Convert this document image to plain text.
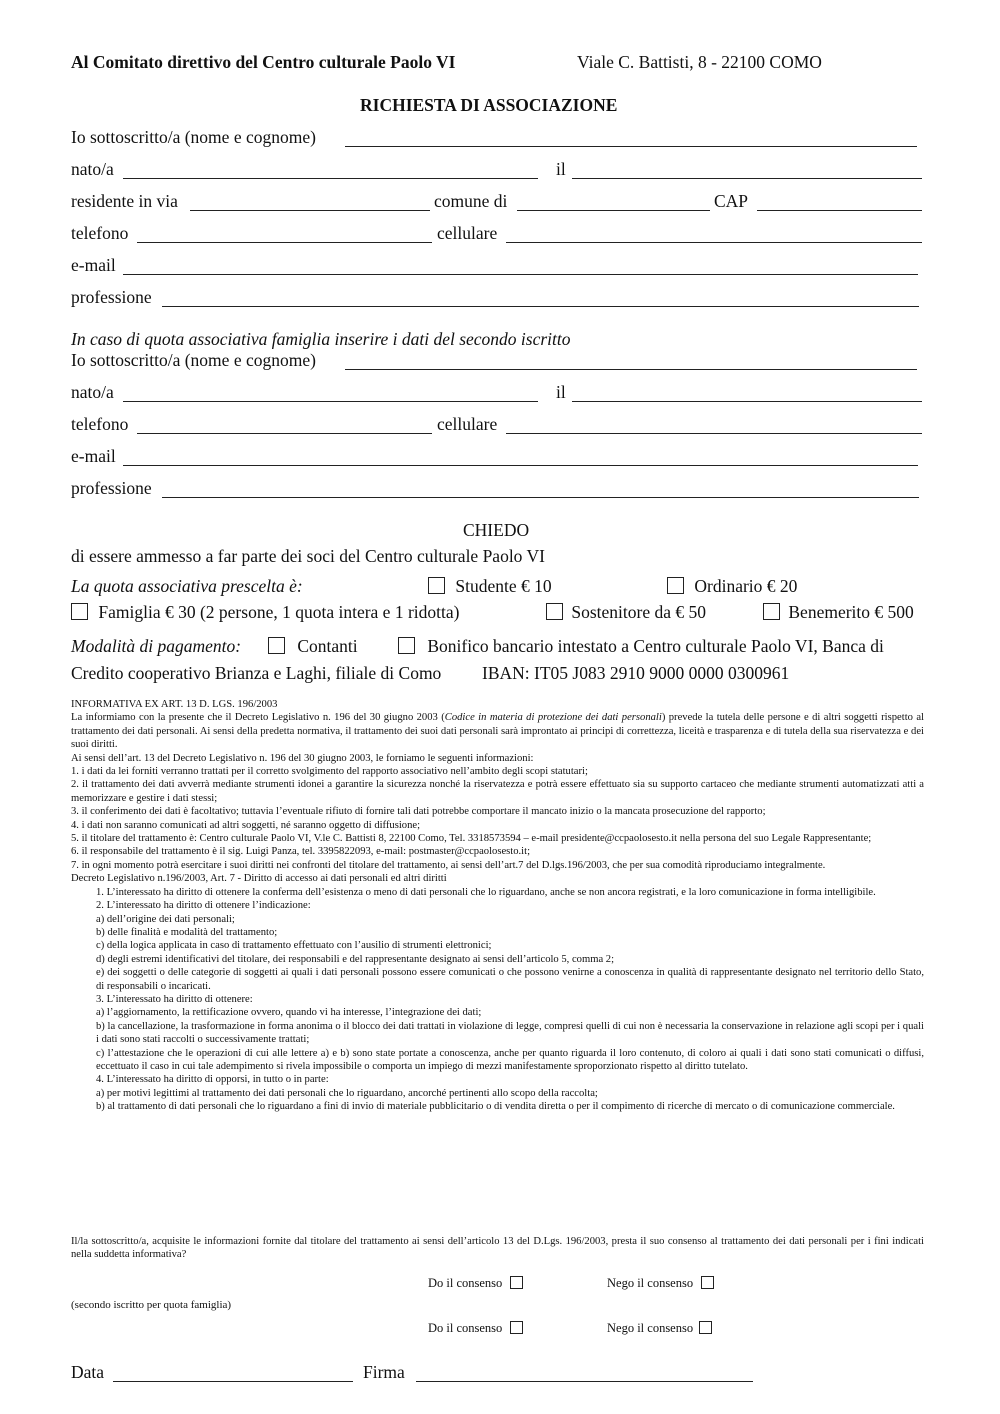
Al Comitato direttivo del Centro culturale Paolo VI	Viale C. Battisti, 8 - 22100 COMO
RICHIESTA DI ASSOCIAZIONE
Io sottoscritto/a (nome e cognome)
nato/a	il
residente in via	comune di	CAP
telefono	cellulare
e-mail
professione
In caso di quota associativa famiglia inserire i dati del secondo iscritto
Io sottoscritto/a (nome e cognome)
nato/a	il
telefono	cellulare
e-mail
professione
CHIEDO
di essere ammesso a far parte dei soci del Centro culturale Paolo VI
La quota associativa prescelta è:	Studente € 10	Ordinario € 20
Famiglia € 30 (2 persone, 1 quota intera e 1 ridotta)	Sostenitore da € 50	Benemerito € 500
Modalità di pagamento:	Contanti	Bonifico bancario intestato a Centro culturale Paolo VI, Banca di
Credito cooperativo Brianza e Laghi, filiale di Como IBAN: IT05 J083 2910 9000 0000 0300961

INFORMATIVA EX ART. 13 D. LGS. 196/2003

La informiamo con la presente che il Decreto Legislativo n. 196 del 30 giugno 2003 (Codice in materia di protezione dei dati personali) prevede la tutela delle persone e di altri soggetti rispetto al trattamento dei dati personali. Ai sensi della predetta normativa, il trattamento dei suoi dati personali sarà improntato ai principi di correttezza, liceità e trasparenza e di tutela della sua riservatezza e dei suoi diritti.

Ai sensi dell’art. 13 del Decreto Legislativo n. 196 del 30 giugno 2003, le forniamo le seguenti informazioni:

1. i dati da lei forniti verranno trattati per il corretto svolgimento del rapporto associativo nell’ambito degli scopi statutari;

2. il trattamento dei dati avverrà mediante strumenti idonei a garantire la sicurezza nonché la riservatezza e potrà essere effettuato sia su supporto cartaceo che mediante strumenti automatizzati atti a memorizzare e gestire i dati stessi;

3. il conferimento dei dati è facoltativo; tuttavia l’eventuale rifiuto di fornire tali dati potrebbe comportare il mancato inizio o la mancata prosecuzione del rapporto;

4. i dati non saranno comunicati ad altri soggetti, né saranno oggetto di diffusione;

5. il titolare del trattamento è: Centro culturale Paolo VI, V.le C. Battisti 8, 22100 Como, Tel. 3318573594 – e-mail presidente@ccpaolosesto.it nella persona del suo Legale Rappresentante;

6. il responsabile del trattamento è il sig. Luigi Panza, tel. 3395822093, e-mail: postmaster@ccpaolosesto.it;

7. in ogni momento potrà esercitare i suoi diritti nei confronti del titolare del trattamento, ai sensi dell’art.7 del D.lgs.196/2003, che per sua comodità riproduciamo integralmente.

Decreto Legislativo n.196/2003, Art. 7 - Diritto di accesso ai dati personali ed altri diritti

1. L’interessato ha diritto di ottenere la conferma dell’esistenza o meno di dati personali che lo riguardano, anche se non ancora registrati, e la loro comunicazione in forma intelligibile.

2. L’interessato ha diritto di ottenere l’indicazione:

a) dell’origine dei dati personali;

b) delle finalità e modalità del trattamento;

c) della logica applicata in caso di trattamento effettuato con l’ausilio di strumenti elettronici;

d) degli estremi identificativi del titolare, dei responsabili e del rappresentante designato ai sensi dell’articolo 5, comma 2;

e) dei soggetti o delle categorie di soggetti ai quali i dati personali possono essere comunicati o che possono venirne a conoscenza in qualità di rappresentante designato nel territorio dello Stato, di responsabili o incaricati.

3. L’interessato ha diritto di ottenere:

a) l’aggiornamento, la rettificazione ovvero, quando vi ha interesse, l’integrazione dei dati;

b) la cancellazione, la trasformazione in forma anonima o il blocco dei dati trattati in violazione di legge, compresi quelli di cui non è necessaria la conservazione in relazione agli scopi per i quali i dati sono stati raccolti o successivamente trattati;

c) l’attestazione che le operazioni di cui alle lettere a) e b) sono state portate a conoscenza, anche per quanto riguarda il loro contenuto, di coloro ai quali i dati sono stati comunicati o diffusi, eccettuato il caso in cui tale adempimento si rivela impossibile o comporta un impiego di mezzi manifestamente sproporzionato rispetto al diritto tutelato.

4. L’interessato ha diritto di opporsi, in tutto o in parte:

a) per motivi legittimi al trattamento dei dati personali che lo riguardano, ancorché pertinenti allo scopo della raccolta;

b) al trattamento di dati personali che lo riguardano a fini di invio di materiale pubblicitario o di vendita diretta o per il compimento di ricerche di mercato o di comunicazione commerciale.

Il/la sottoscritto/a, acquisite le informazioni fornite dal titolare del trattamento ai sensi dell’articolo 13 del D.Lgs. 196/2003, presta il suo consenso al trattamento dei dati personali per i fini indicati nella suddetta informativa?
Do il consenso	Nego il consenso
(secondo iscritto per quota famiglia)
Do il consenso	Nego il consenso
Data	Firma
